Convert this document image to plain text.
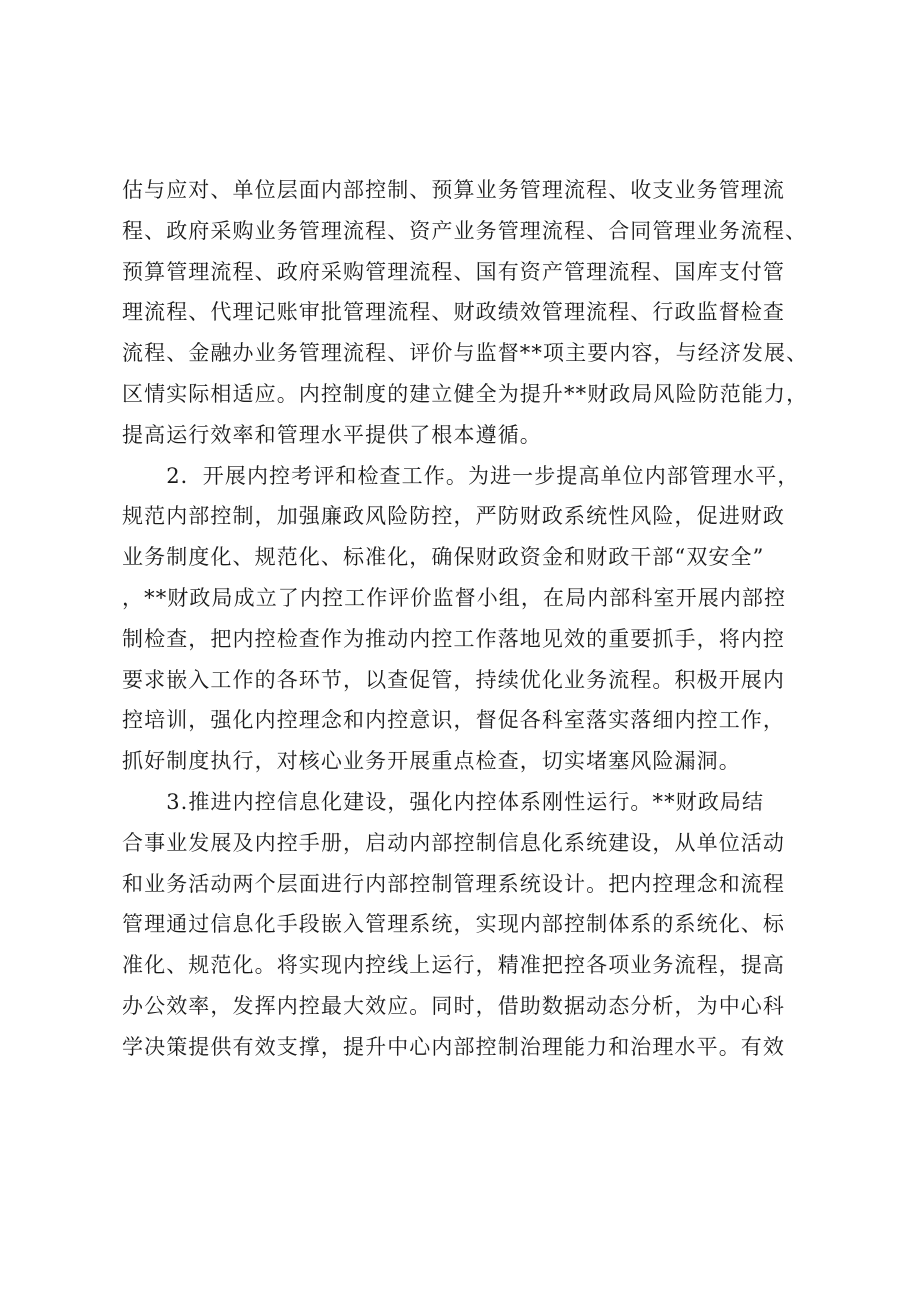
估与应对、单位层面内部控制、预算业务管理流程、收支业务管理流
程、政府采购业务管理流程、资产业务管理流程、合同管理业务流程、
预算管理流程、政府采购管理流程、国有资产管理流程、国库支付管
理流程、代理记账审批管理流程、财政绩效管理流程、行政监督检查
流程、金融办业务管理流程、评价与监督**项主要内容，与经济发展、
区情实际相适应。内控制度的建立健全为提升**财政局风险防范能力，
提高运行效率和管理水平提供了根本遵循。
　　2．开展内控考评和检查工作。为进一步提高单位内部管理水平，
规范内部控制，加强廉政风险防控，严防财政系统性风险，促进财政
业务制度化、规范化、标准化，确保财政资金和财政干部“双安全”
，**财政局成立了内控工作评价监督小组，在局内部科室开展内部控
制检查，把内控检查作为推动内控工作落地见效的重要抓手，将内控
要求嵌入工作的各环节，以查促管，持续优化业务流程。积极开展内
控培训，强化内控理念和内控意识，督促各科室落实落细内控工作，
抓好制度执行，对核心业务开展重点检查，切实堵塞风险漏洞。
　　3.推进内控信息化建设，强化内控体系刚性运行。**财政局结
合事业发展及内控手册，启动内部控制信息化系统建设，从单位活动
和业务活动两个层面进行内部控制管理系统设计。把内控理念和流程
管理通过信息化手段嵌入管理系统，实现内部控制体系的系统化、标
准化、规范化。将实现内控线上运行，精准把控各项业务流程，提高
办公效率，发挥内控最大效应。同时，借助数据动态分析，为中心科
学决策提供有效支撑，提升中心内部控制治理能力和治理水平。有效
